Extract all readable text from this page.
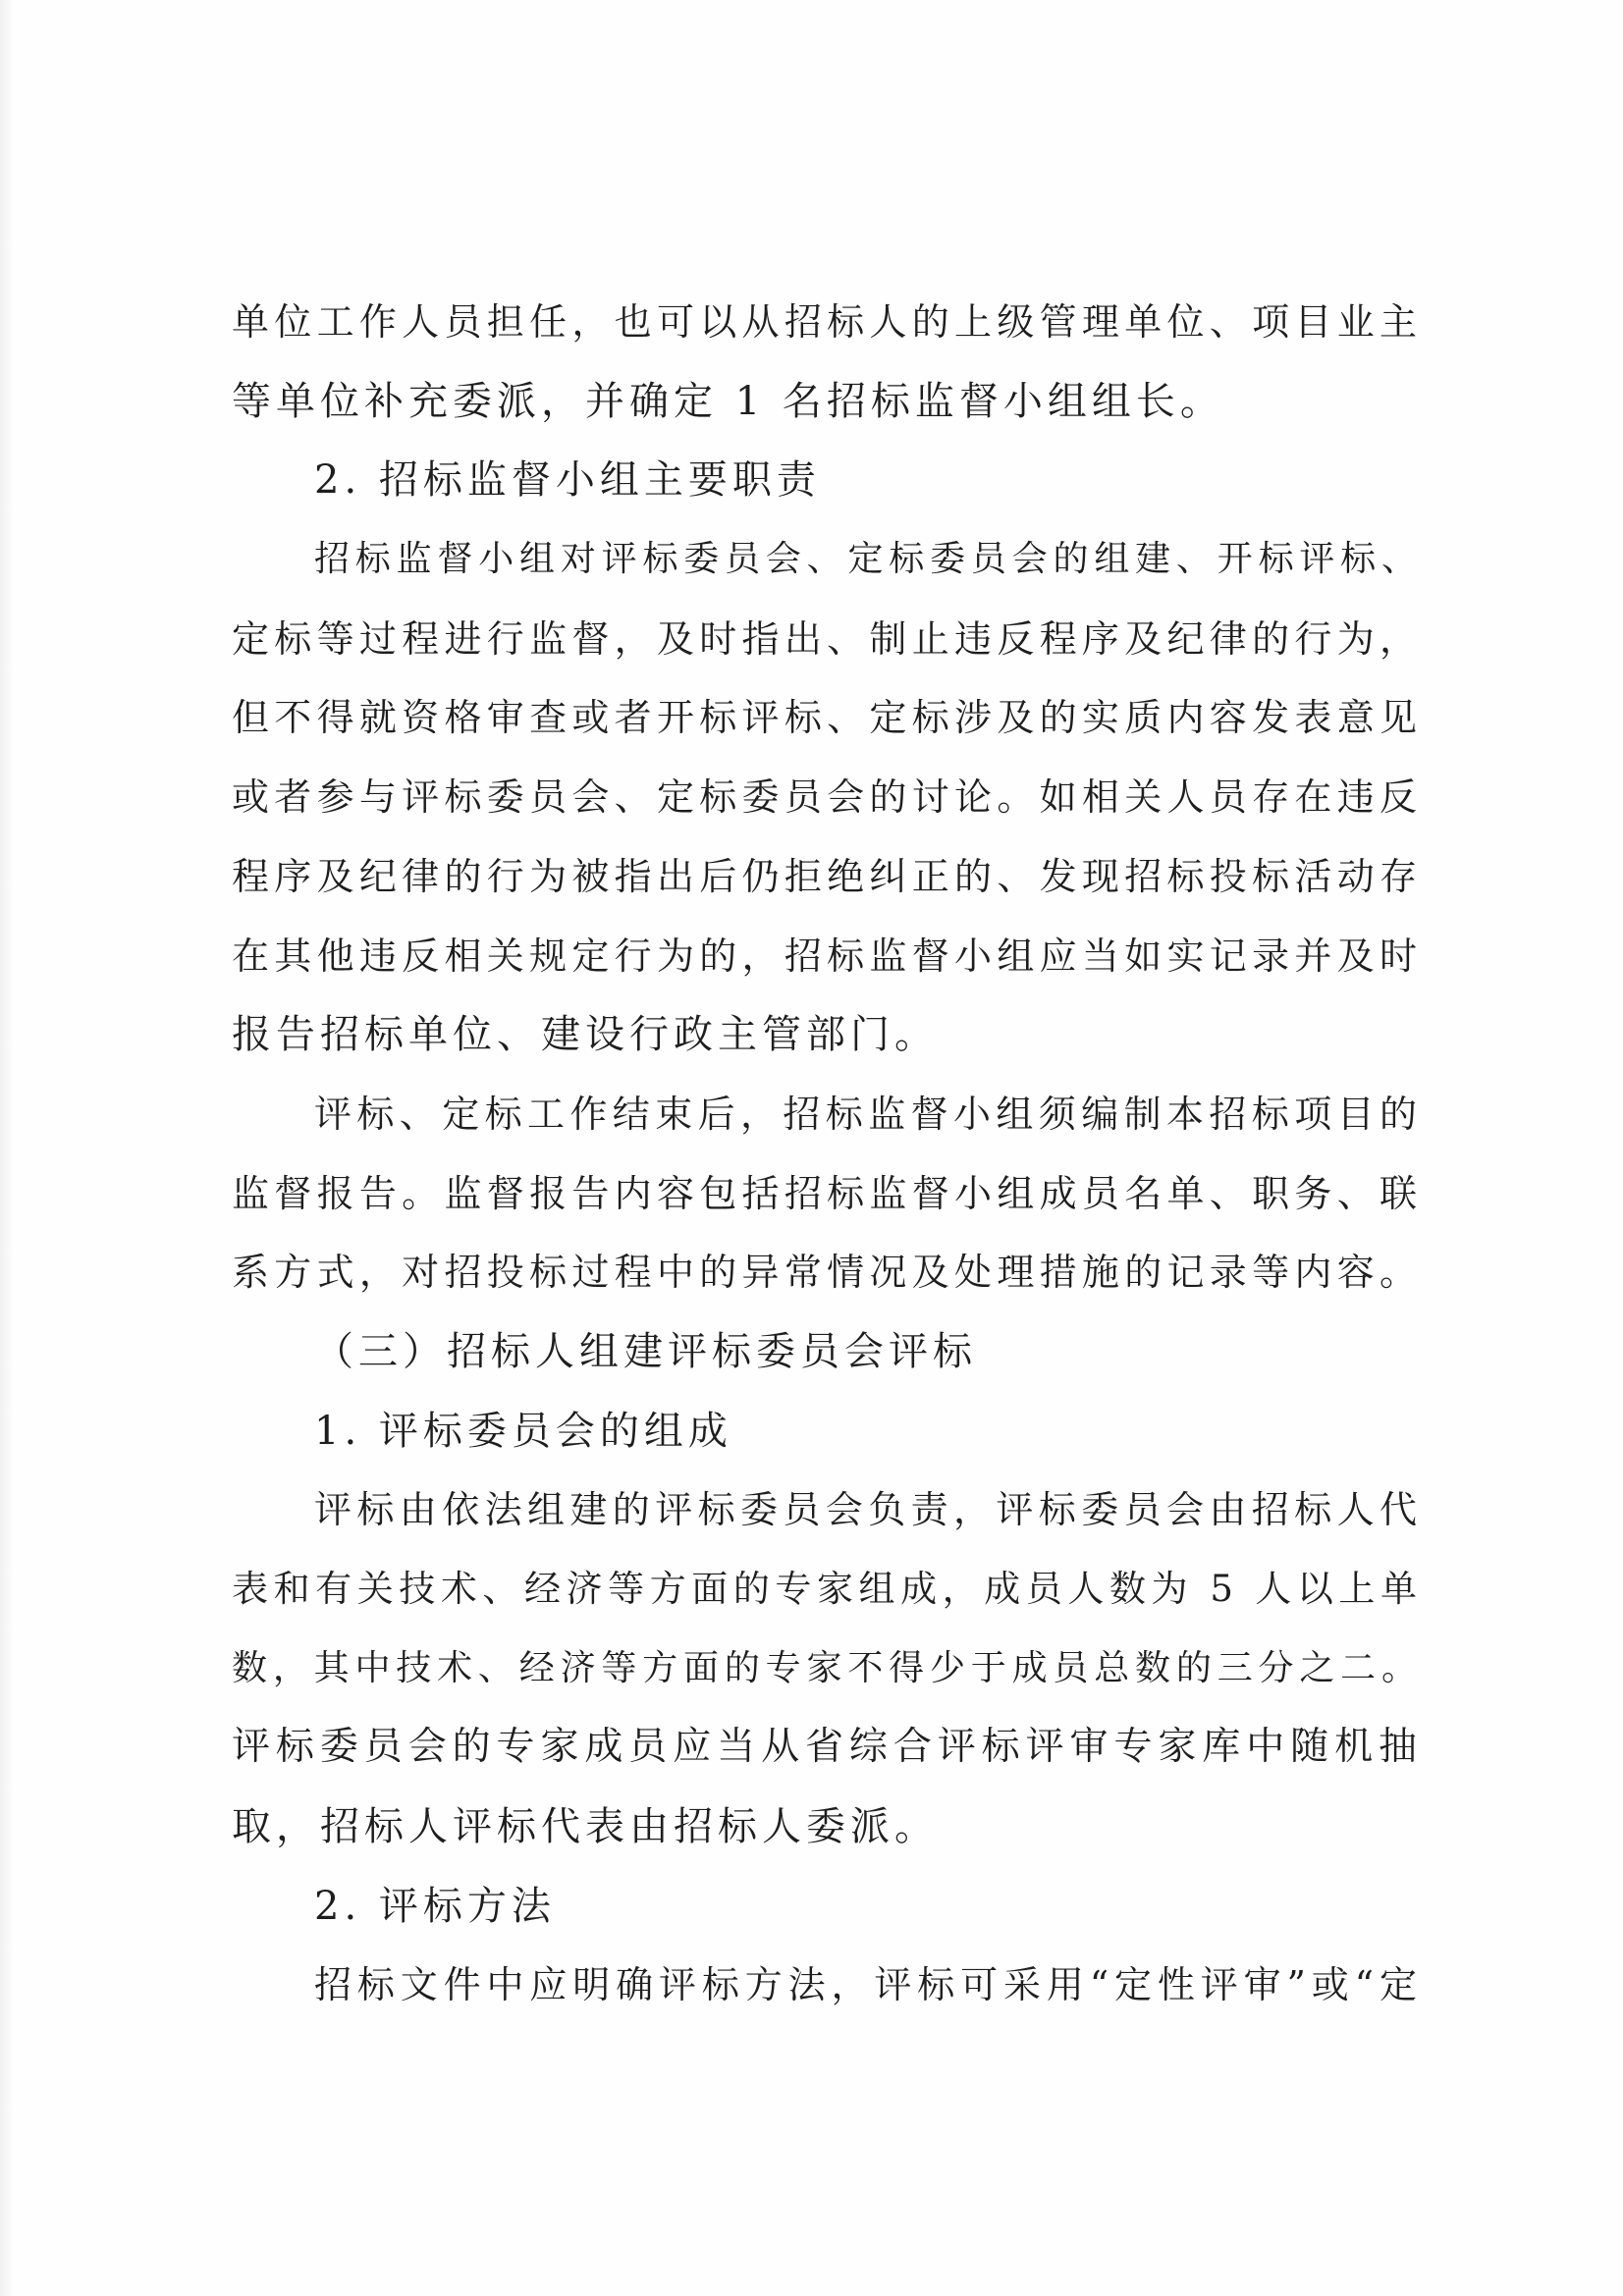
单位工作人员担任，也可以从招标人的上级管理单位、项目业主
等单位补充委派，并确定 1 名招标监督小组组长。
2. 招标监督小组主要职责
招标监督小组对评标委员会、定标委员会的组建、开标评标、
定标等过程进行监督，及时指出、制止违反程序及纪律的行为，
但不得就资格审查或者开标评标、定标涉及的实质内容发表意见
或者参与评标委员会、定标委员会的讨论。如相关人员存在违反
程序及纪律的行为被指出后仍拒绝纠正的、发现招标投标活动存
在其他违反相关规定行为的，招标监督小组应当如实记录并及时
报告招标单位、建设行政主管部门。
评标、定标工作结束后，招标监督小组须编制本招标项目的
监督报告。监督报告内容包括招标监督小组成员名单、职务、联
系方式，对招投标过程中的异常情况及处理措施的记录等内容。
（三）招标人组建评标委员会评标
1. 评标委员会的组成
评标由依法组建的评标委员会负责，评标委员会由招标人代
表和有关技术、经济等方面的专家组成，成员人数为 5 人以上单
数，其中技术、经济等方面的专家不得少于成员总数的三分之二。
评标委员会的专家成员应当从省综合评标评审专家库中随机抽
取，招标人评标代表由招标人委派。
2. 评标方法
招标文件中应明确评标方法，评标可采用“定性评审”或“定
